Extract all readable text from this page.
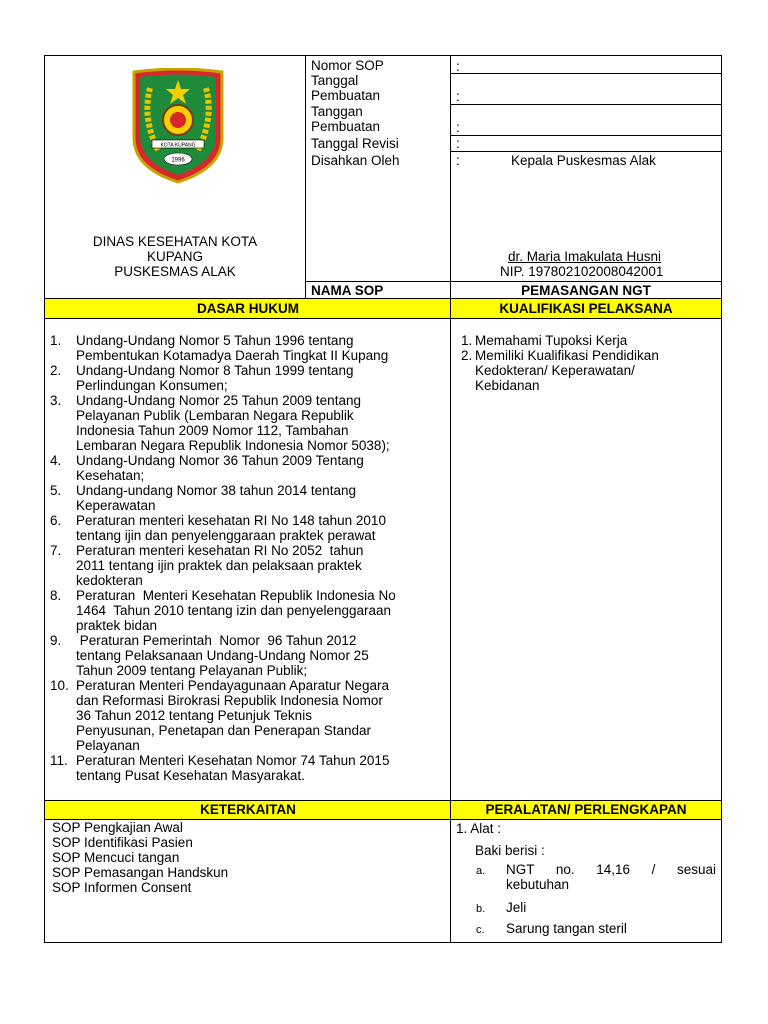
KOTA KUPANG
1996
DINAS KESEHATAN KOTA
KUPANG
PUSKESMAS ALAK
Nomor SOP	:
Tanggal
Pembuatan	:
Tanggan
Pembuatan	:
Tanggal Revisi	:
Disahkan Oleh	:	Kepala Puskesmas Alak
dr. Maria Imakulata Husni
NIP. 197802102008042001
NAMA SOP	PEMASANGAN NGT
DASAR HUKUM	KUALIFIKASI PELAKSANA
1. Undang-Undang Nomor 5 Tahun 1996 tentang
Pembentukan Kotamadya Daerah Tingkat II Kupang
2. Undang-Undang Nomor 8 Tahun 1999 tentang
Perlindungan Konsumen;
3. Undang-Undang Nomor 25 Tahun 2009 tentang
Pelayanan Publik (Lembaran Negara Republik
Indonesia Tahun 2009 Nomor 112, Tambahan
Lembaran Negara Republik Indonesia Nomor 5038);
4. Undang-Undang Nomor 36 Tahun 2009 Tentang
Kesehatan;
5. Undang-undang Nomor 38 tahun 2014 tentang
Keperawatan
6. Peraturan menteri kesehatan RI No 148 tahun 2010
tentang ijin dan penyelenggaraan praktek perawat
7. Peraturan menteri kesehatan RI No 2052  tahun
2011 tentang ijin praktek dan pelaksaan praktek
kedokteran
8. Peraturan  Menteri Kesehatan Republik Indonesia No
1464  Tahun 2010 tentang izin dan penyelenggaraan
praktek bidan
9. Peraturan Pemerintah  Nomor  96 Tahun 2012
tentang Pelaksanaan Undang-Undang Nomor 25
Tahun 2009 tentang Pelayanan Publik;
10. Peraturan Menteri Pendayagunaan Aparatur Negara
dan Reformasi Birokrasi Republik Indonesia Nomor
36 Tahun 2012 tentang Petunjuk Teknis
Penyusunan, Penetapan dan Penerapan Standar
Pelayanan
11. Peraturan Menteri Kesehatan Nomor 74 Tahun 2015
tentang Pusat Kesehatan Masyarakat.
1. Memahami Tupoksi Kerja
2. Memiliki Kualifikasi Pendidikan
Kedokteran/ Keperawatan/
Kebidanan
KETERKAITAN	PERALATAN/ PERLENGKAPAN
SOP Pengkajian Awal
SOP Identifikasi Pasien
SOP Mencuci tangan
SOP Pemasangan Handskun
SOP Informen Consent
1. Alat :
Baki berisi :
a. NGT no. 14,16 / sesuai
kebutuhan
b. Jeli
c. Sarung tangan steril
